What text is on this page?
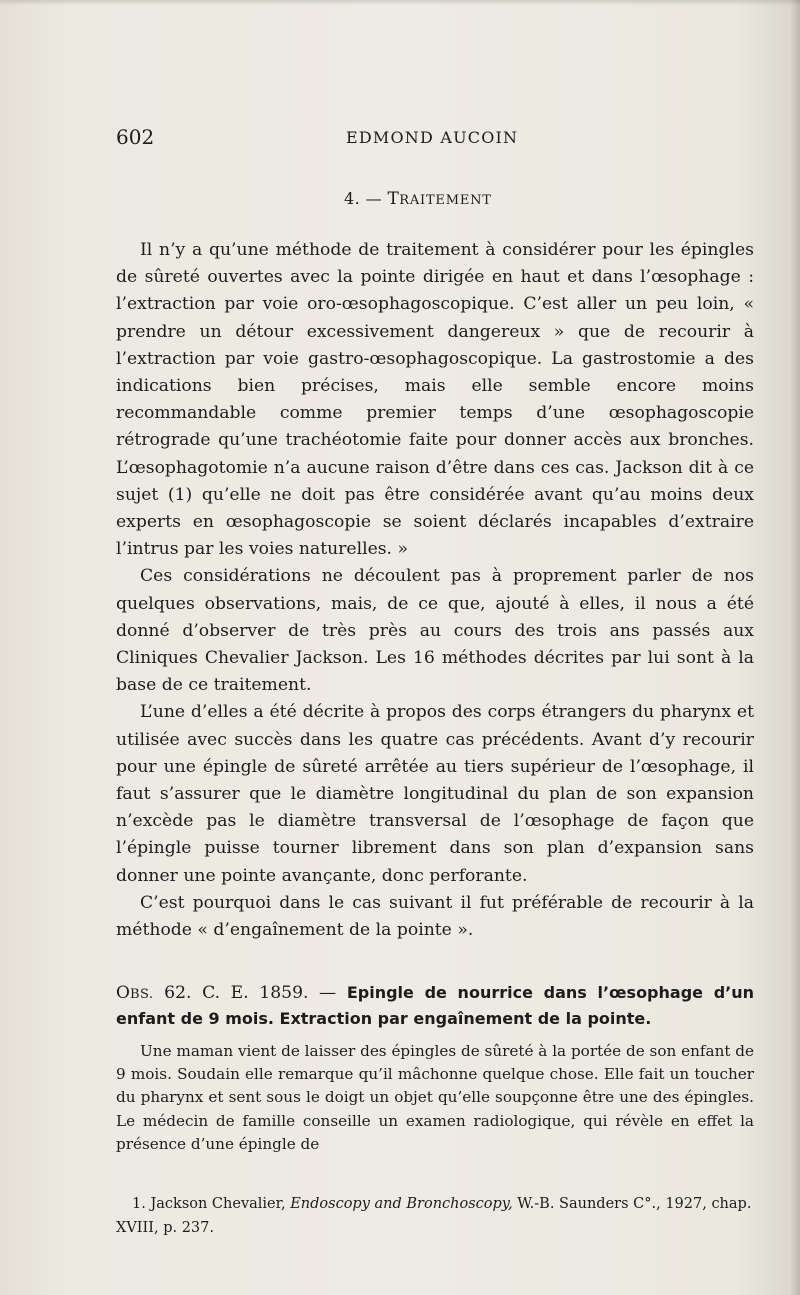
602	EDMOND AUCOIN
4. — TRAITEMENT

Il n’y a qu’une méthode de traitement à considérer pour les épingles de sûreté ouvertes avec la pointe dirigée en haut et dans l’œsophage : l’extraction par voie oro-œsophagoscopique. C’est aller un peu loin, « prendre un détour excessivement dangereux » que de recourir à l’extraction par voie gastro-œsophagoscopique. La gastrostomie a des indications bien précises, mais elle semble encore moins recommandable comme premier temps d’une œsophagoscopie rétrograde qu’une trachéotomie faite pour donner accès aux bronches. L’œsophagotomie n’a aucune raison d’être dans ces cas. Jackson dit à ce sujet (1) qu’elle ne doit pas être considérée avant qu’au moins deux experts en œsophagoscopie se soient déclarés incapables d’extraire l’intrus par les voies naturelles. »

Ces considérations ne découlent pas à proprement parler de nos quelques observations, mais, de ce que, ajouté à elles, il nous a été donné d’observer de très près au cours des trois ans passés aux Cliniques Chevalier Jackson. Les 16 méthodes décrites par lui sont à la base de ce traitement.

L’une d’elles a été décrite à propos des corps étrangers du pharynx et utilisée avec succès dans les quatre cas précédents. Avant d’y recourir pour une épingle de sûreté arrêtée au tiers supérieur de l’œsophage, il faut s’assurer que le diamètre longitudinal du plan de son expansion n’excède pas le diamètre transversal de l’œsophage de façon que l’épingle puisse tourner librement dans son plan d’expansion sans donner une pointe avançante, donc perforante.

C’est pourquoi dans le cas suivant il fut préférable de recourir à la méthode « d’engaînement de la pointe ».

OBS. 62. C. E. 1859. — Epingle de nourrice dans l’œsophage d’un enfant de 9 mois. Extraction par engaînement de la pointe.

Une maman vient de laisser des épingles de sûreté à la portée de son enfant de 9 mois. Soudain elle remarque qu’il mâchonne quelque chose. Elle fait un toucher du pharynx et sent sous le doigt un objet qu’elle soupçonne être une des épingles. Le médecin de famille conseille un examen radiologique, qui révèle en effet la présence d’une épingle de

1. Jackson Chevalier, Endoscopy and Bronchoscopy, W.-B. Saunders C°., 1927, chap. XVIII, p. 237.
